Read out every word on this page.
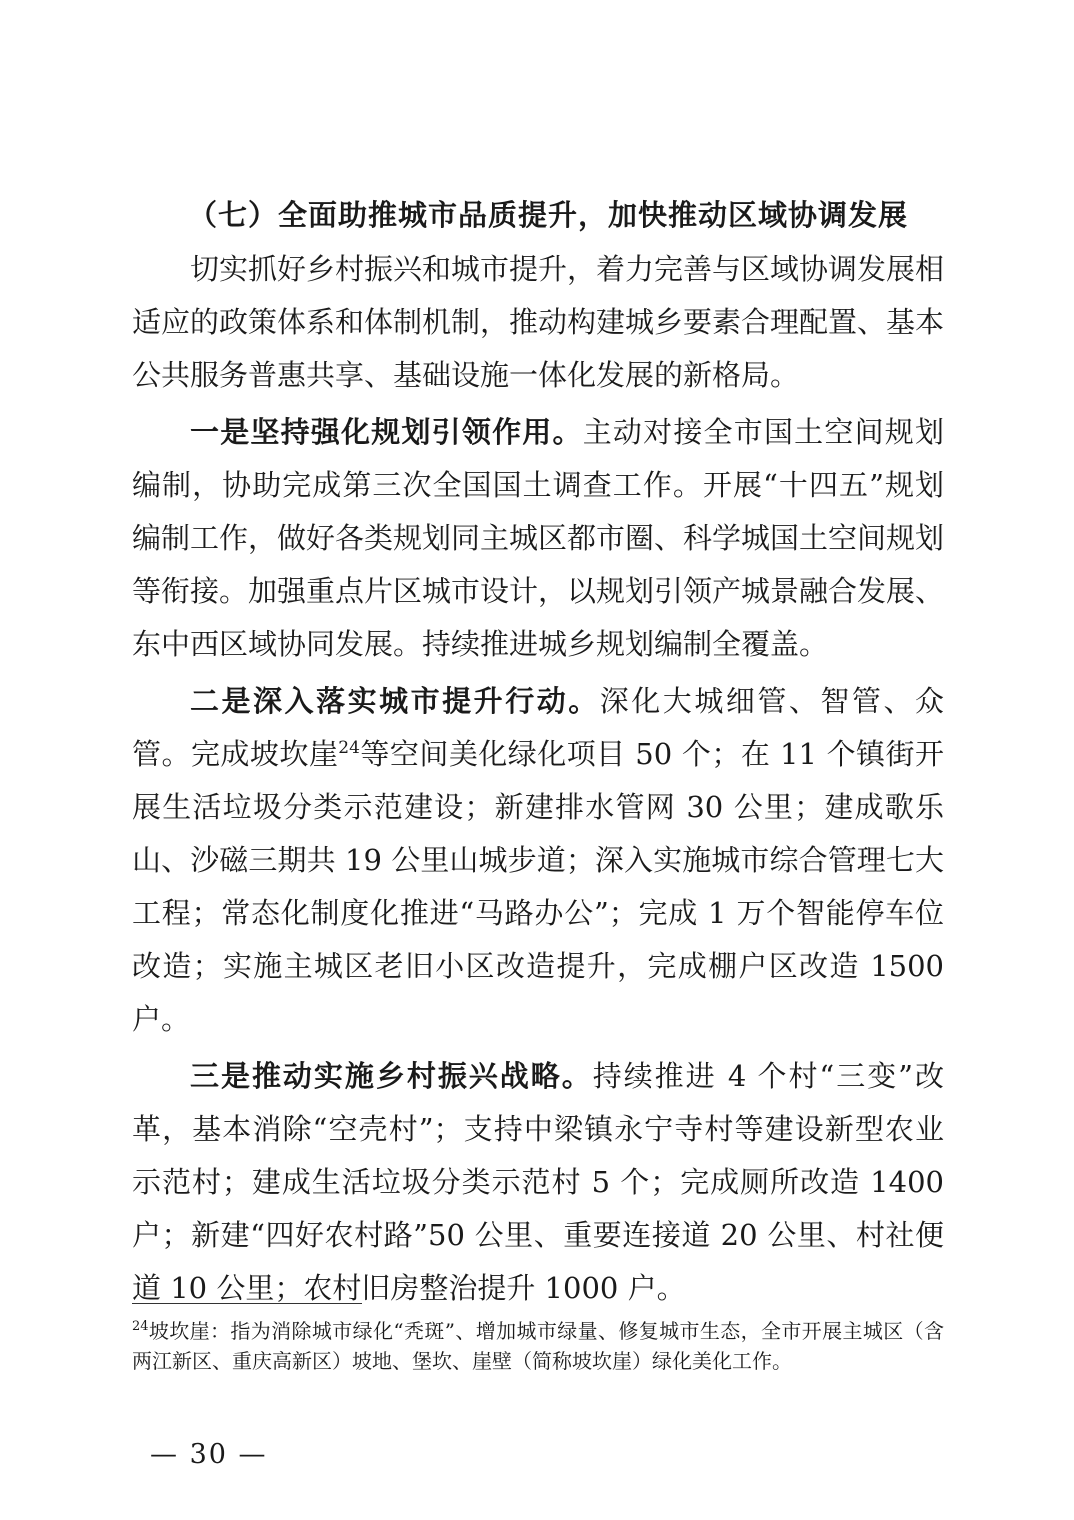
（七）全面助推城市品质提升，加快推动区域协调发展

切实抓好乡村振兴和城市提升，着力完善与区域协调发展相适应的政策体系和体制机制，推动构建城乡要素合理配置、基本公共服务普惠共享、基础设施一体化发展的新格局。

一是坚持强化规划引领作用。主动对接全市国土空间规划编制，协助完成第三次全国国土调查工作。开展“十四五”规划编制工作，做好各类规划同主城区都市圈、科学城国土空间规划等衔接。加强重点片区城市设计，以规划引领产城景融合发展、东中西区域协同发展。持续推进城乡规划编制全覆盖。

二是深入落实城市提升行动。深化大城细管、智管、众管。完成坡坎崖$^{24}$等空间美化绿化项目 50 个；在 11 个镇街开展生活垃圾分类示范建设；新建排水管网 30 公里；建成歌乐山、沙磁三期共 19 公里山城步道；深入实施城市综合管理七大工程；常态化制度化推进“马路办公”；完成 1 万个智能停车位改造；实施主城区老旧小区改造提升，完成棚户区改造 1500 户。

三是推动实施乡村振兴战略。持续推进 4 个村“三变”改革，基本消除“空壳村”；支持中梁镇永宁寺村等建设新型农业示范村；建成生活垃圾分类示范村 5 个；完成厕所改造 1400 户；新建“四好农村路”50 公里、重要连接道 20 公里、村社便道 10 公里；农村旧房整治提升 1000 户。

$^{24}$坡坎崖：指为消除城市绿化“秃斑”、增加城市绿量、修复城市生态，全市开展主城区（含两江新区、重庆高新区）坡地、堡坎、崖壁（简称坡坎崖）绿化美化工作。

— 30 —
